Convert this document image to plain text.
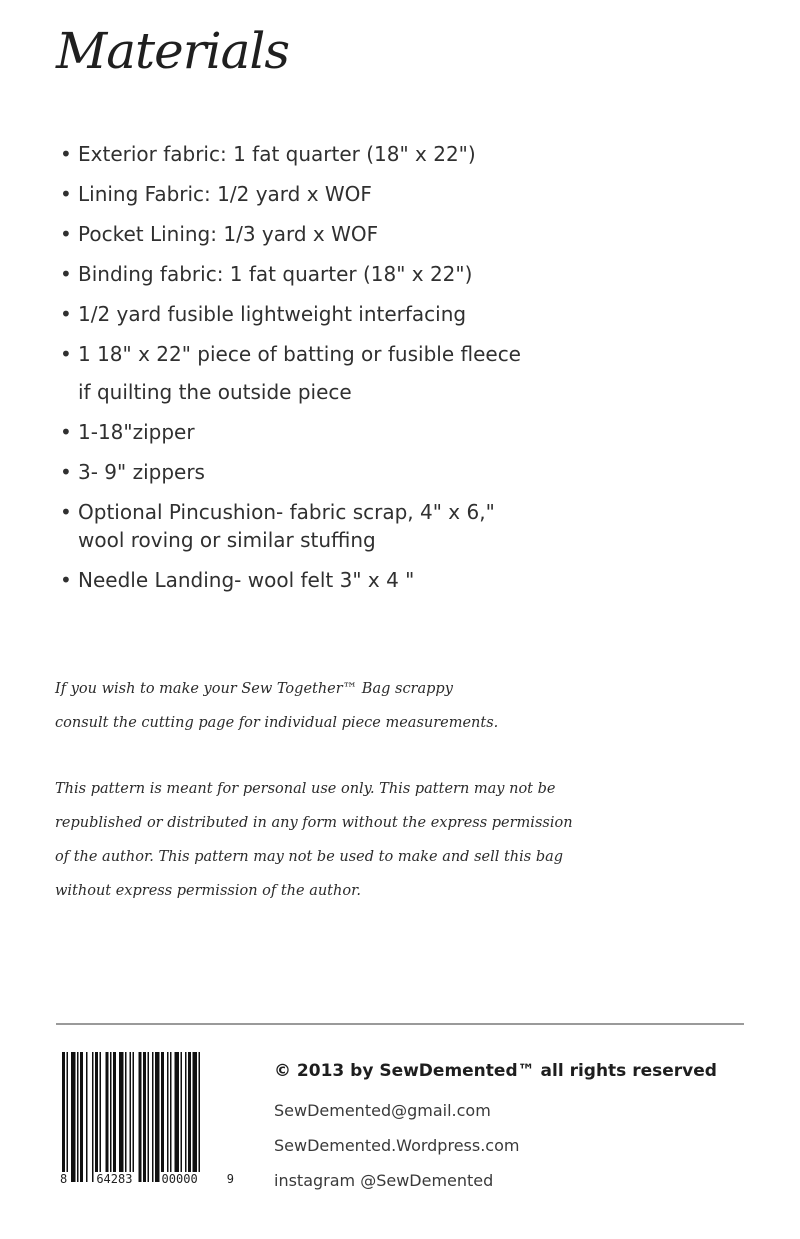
Materials
• Exterior fabric: 1 fat quarter (18" x 22")
• Lining Fabric: 1/2 yard x WOF
• Pocket Lining: 1/3 yard x WOF
• Binding fabric: 1 fat quarter (18" x 22")
• 1/2 yard fusible lightweight interfacing
• 1 18" x 22" piece of batting or fusible fleece
if quilting the outside piece
• 1-18"zipper
• 3- 9" zippers
• Optional Pincushion- fabric scrap, 4" x 6,"
wool roving or similar stuffing
• Needle Landing- wool felt 3" x 4 "
If you wish to make your Sew Together™ Bag scrappy
consult the cutting page for individual piece measurements.
This pattern is meant for personal use only. This pattern may not be
republished or distributed in any form without the express permission
of the author. This pattern may not be used to make and sell this bag
without express permission of the author.
8 64283 00000 9
© 2013 by SewDemented™ all rights reserved
SewDemented@gmail.com
SewDemented.Wordpress.com
instagram @SewDemented
